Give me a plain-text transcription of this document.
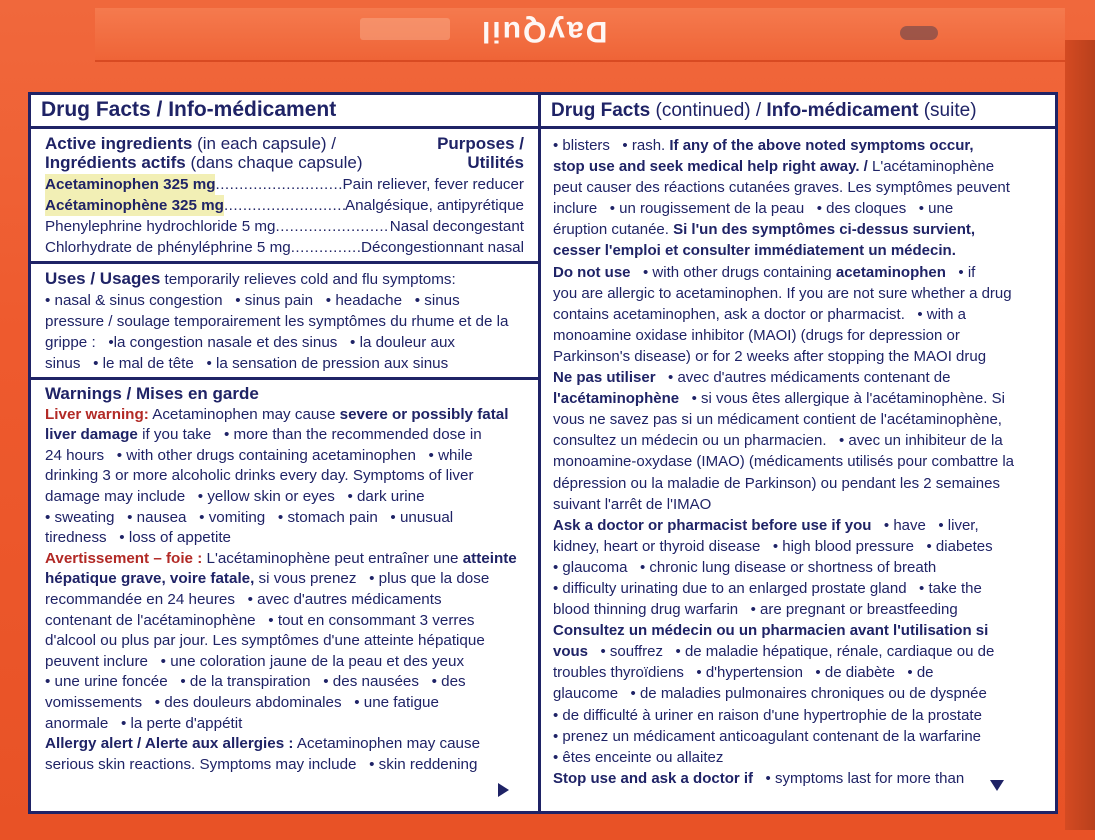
DayQuil
Drug Facts / Info-médicament
Active ingredients (in each capsule) /
Ingrédients actifs (dans chaque capsule)
Purposes /
Utilités
Acetaminophen 325 mg .....	Pain reliever, fever reducer
Acétaminophène 325 mg .....	Analgésique, antipyrétique
Phenylephrine hydrochloride 5 mg .....	Nasal decongestant
Chlorhydrate de phényléphrine 5 mg .....	Décongestionnant nasal

Uses / Usages temporarily relieves cold and flu symptoms:

• nasal & sinus congestion   • sinus pain   • headache   • sinus

pressure / soulage temporairement les symptômes du rhume et de la

grippe :   •la congestion nasale et des sinus   • la douleur aux

sinus   • le mal de tête   • la sensation de pression aux sinus

Warnings / Mises en garde

Liver warning: Acetaminophen may cause severe or possibly fatal

liver damage if you take   • more than the recommended dose in

24 hours   • with other drugs containing acetaminophen   • while

drinking 3 or more alcoholic drinks every day. Symptoms of liver

damage may include   • yellow skin or eyes   • dark urine

• sweating   • nausea   • vomiting   • stomach pain   • unusual

tiredness   • loss of appetite

Avertissement – foie : L'acétaminophène peut entraîner une atteinte

hépatique grave, voire fatale, si vous prenez   • plus que la dose

recommandée en 24 heures   • avec d'autres médicaments

contenant de l'acétaminophène   • tout en consommant 3 verres

d'alcool ou plus par jour. Les symptômes d'une atteinte hépatique

peuvent inclure   • une coloration jaune de la peau et des yeux

• une urine foncée   • de la transpiration   • des nausées   • des

vomissements   • des douleurs abdominales   • une fatigue

anormale   • la perte d'appétit

Allergy alert / Alerte aux allergies : Acetaminophen may cause

serious skin reactions. Symptoms may include   • skin reddening

Drug Facts (continued) / Info-médicament (suite)

• blisters   • rash. If any of the above noted symptoms occur,

stop use and seek medical help right away. / L'acétaminophène

peut causer des réactions cutanées graves. Les symptômes peuvent

inclure   • un rougissement de la peau   • des cloques   • une

éruption cutanée. Si l'un des symptômes ci-dessus survient,

cesser l'emploi et consulter immédiatement un médecin.

Do not use   • with other drugs containing acetaminophen   • if

you are allergic to acetaminophen. If you are not sure whether a drug

contains acetaminophen, ask a doctor or pharmacist.   • with a

monoamine oxidase inhibitor (MAOI) (drugs for depression or

Parkinson's disease) or for 2 weeks after stopping the MAOI drug

Ne pas utiliser   • avec d'autres médicaments contenant de

l'acétaminophène   • si vous êtes allergique à l'acétaminophène. Si

vous ne savez pas si un médicament contient de l'acétaminophène,

consultez un médecin ou un pharmacien.   • avec un inhibiteur de la

monoamine-oxydase (IMAO) (médicaments utilisés pour combattre la

dépression ou la maladie de Parkinson) ou pendant les 2 semaines

suivant l'arrêt de l'IMAO

Ask a doctor or pharmacist before use if you   • have   • liver,

kidney, heart or thyroid disease   • high blood pressure   • diabetes

• glaucoma   • chronic lung disease or shortness of breath

• difficulty urinating due to an enlarged prostate gland   • take the

blood thinning drug warfarin   • are pregnant or breastfeeding

Consultez un médecin ou un pharmacien avant l'utilisation si

vous   • souffrez   • de maladie hépatique, rénale, cardiaque ou de

troubles thyroïdiens   • d'hypertension   • de diabète   • de

glaucome   • de maladies pulmonaires chroniques ou de dyspnée

• de difficulté à uriner en raison d'une hypertrophie de la prostate

• prenez un médicament anticoagulant contenant de la warfarine

• êtes enceinte ou allaitez

Stop use and ask a doctor if   • symptoms last for more than
